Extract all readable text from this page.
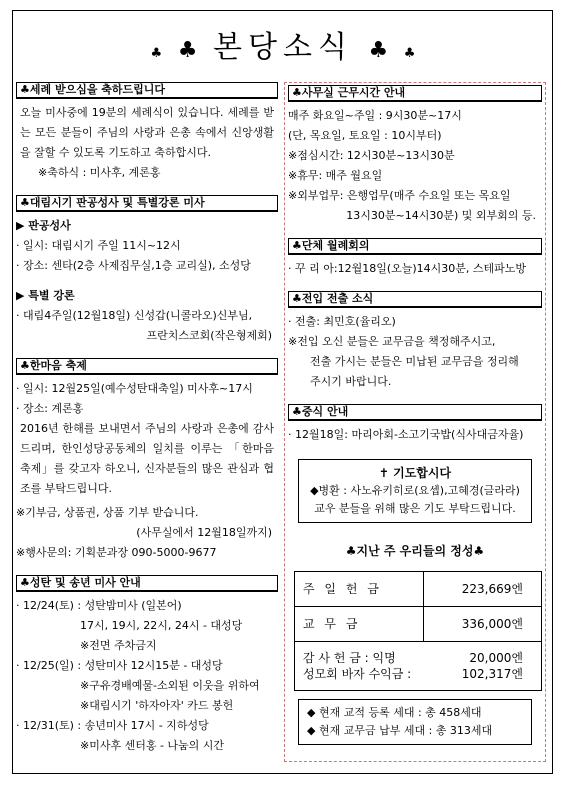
♣ ♣ 본당소식 ♣ ♣
♣세례 받으심을 축하드립니다

오늘 미사중에 19분의 세례식이 있습니다. 세례를 받는 모든 분들이 주님의 사랑과 은총 속에서 신앙생활을 잘할 수 있도록 기도하고 축하합시다.

※축하식 : 미사후, 계론홍

♣대림시기 판공성사 및 특별강론 미사

▶ 판공성사

· 일시: 대림시기 주일 11시~12시

· 장소: 센타(2층 사제집무실,1층 교리실), 소성당

▶ 특별 강론

· 대림4주일(12월18일) 신성갑(니콜라오)신부님,

프란치스코회(작은형제회)

♣한마음 축제

· 일시: 12월25일(예수성탄대축일) 미사후~17시

· 장소: 계론홍

2016년 한해를 보내면서 주님의 사랑과 은총에 감사드리며, 한인성당공동체의 일치를 이루는 「한마음 축제」를 갖고자 하오니, 신자분들의 많은 관심과 협조를 부탁드립니다.

※기부금, 상품권, 상품 기부 받습니다.

(사무실에서 12월18일까지)

※행사문의: 기획분과장 090-5000-9677

♣성탄 및 송년 미사 안내

· 12/24(토) : 성탄밤미사 (일본어)

17시, 19시, 22시, 24시 - 대성당

※전면 주차금지

· 12/25(일) : 성탄미사 12시15분 - 대성당

※구유경배예물-소외된 이웃을 위하여

※대림시기 '하자아자' 카드 봉헌

· 12/31(토) : 송년미사 17시 - 지하성당

※미사후 센터홍 - 나눔의 시간

♣사무실 근무시간 안내

매주 화요일~주일 : 9시30분~17시

(단, 목요일, 토요일 : 10시부터)

※점심시간: 12시30분~13시30분

※휴무: 매주 월요일

※외부업무: 은행업무(매주 수요일 또는 목요일

13시30분~14시30분) 및 외부회의 등.

♣단체 월례회의

· 꾸 리 아:12월18일(오늘)14시30분, 스테파노방

♣전입 전출 소식

· 전출: 최민호(율리오)

※전입 오신 분들은 교무금을 책정해주시고,

전출 가시는 분들은 미납된 교무금을 정리해

주시기 바랍니다.

♣중식 안내

· 12월18일: 마리아회-소고기국밥(식사대금자율)

✝ 기도합시다

◆병환 : 사노유키히로(요셉),고혜경(글라라)

교우 분들을 위해 많은 기도 부탁드립니다.

♣지난 주 우리들의 정성♣

주 일 헌 금	223,669엔
교 무 금	336,000엔

감 사 헌 금 : 익명 20,000엔
성모회 바자 수익금 : 102,317엔	

◆ 현재 교적 등록 세대 : 총 458세대

◆ 현재 교무금 납부 세대 : 총 313세대
